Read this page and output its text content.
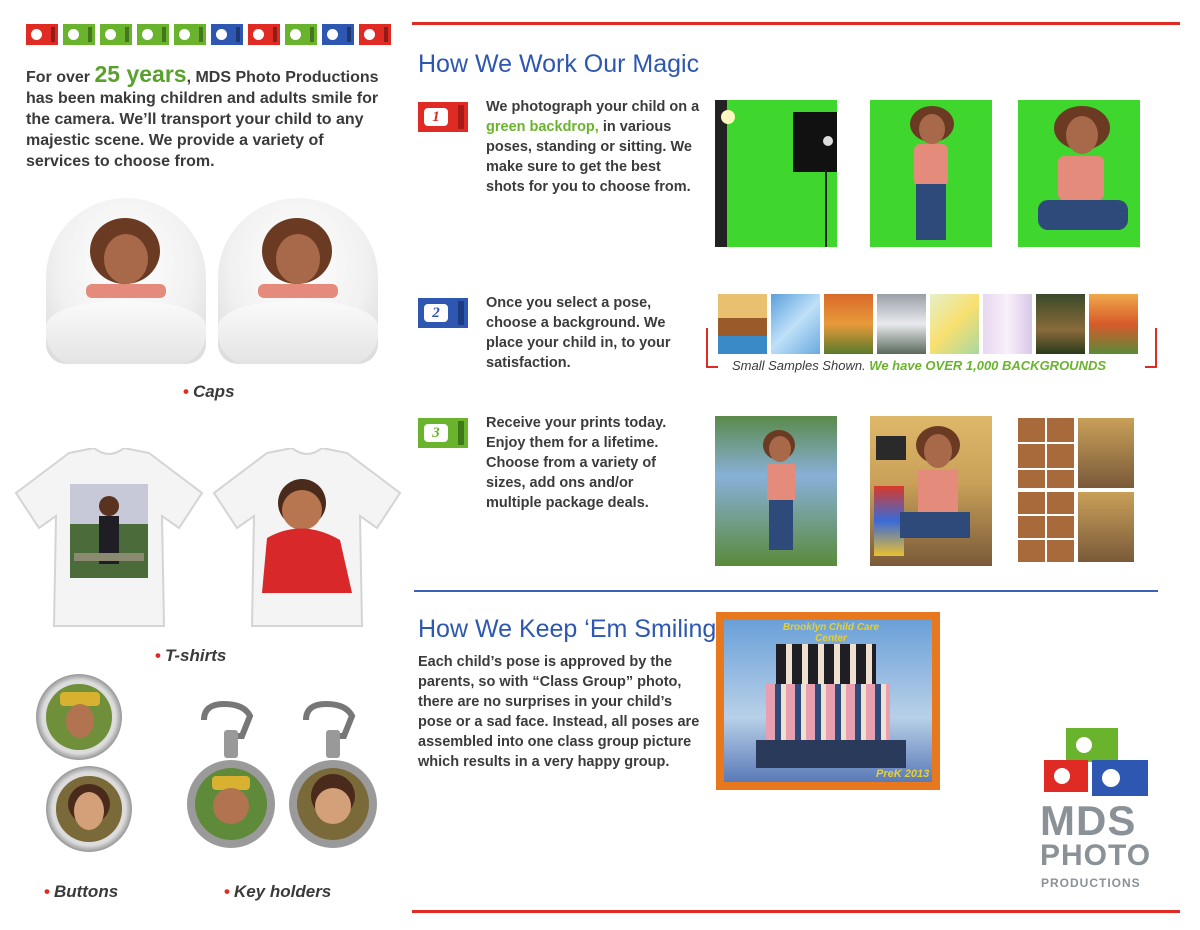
For over 25 years, MDS Photo Productions has been making children and adults smile for the camera. We’ll transport your child to any majestic scene. We provide a variety of services to choose from.
• Caps
• T-shirts
• Buttons	• Key holders
How We Work Our Magic
1
We photograph your child on a green backdrop, in various poses, standing or sitting. We make sure to get the best shots for you to choose from.
2
Once you select a pose, choose a background. We place your child in, to your satisfaction.	Small Samples Shown. We have OVER 1,000 BACKGROUNDS
3
Receive your prints today. Enjoy them for a lifetime. Choose from a variety of sizes, add ons and/or multiple package deals.
How We Keep ‘Em Smiling
Each child’s pose is approved by the parents, so with “Class Group” photo, there are no surprises in your child’s pose or a sad face. Instead, all poses are assembled into one class group picture which results in a very happy group.
Brooklyn Child Care Center
PreK 2013
MDS
PHOTO
PRODUCTIONS
